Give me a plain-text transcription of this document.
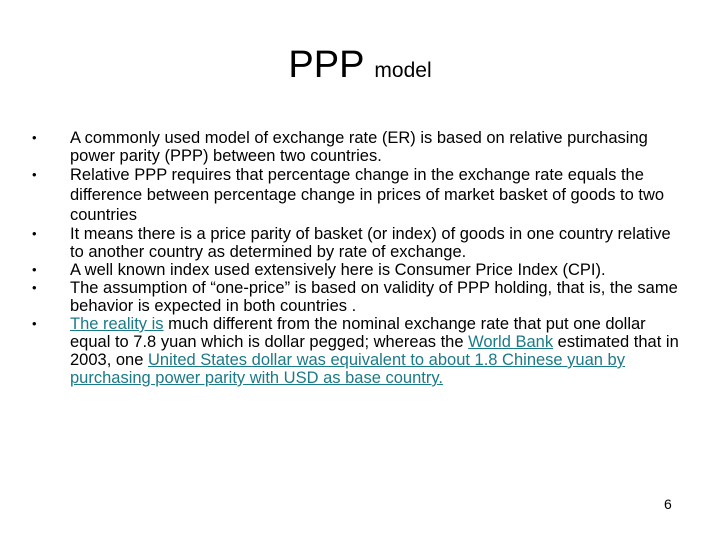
PPP model
• A commonly used model of exchange rate (ER) is based on relative purchasing power parity (PPP) between two countries.
• Relative PPP requires that percentage change in the exchange rate equals the difference between percentage change in prices of market basket of goods to two countries
• It means there is a price parity of basket (or index) of goods in one country relative to another country as determined by rate of exchange.
• A well known index used extensively here is Consumer Price Index (CPI).
• The assumption of “one-price” is based on validity of PPP holding, that is, the same behavior is expected in both countries .
• The reality is much different from the nominal exchange rate that put one dollar equal to 7.8 yuan which is dollar pegged; whereas the World Bank estimated that in 2003, one United States dollar was equivalent to about 1.8 Chinese yuan by purchasing power parity with USD as base country.
6
